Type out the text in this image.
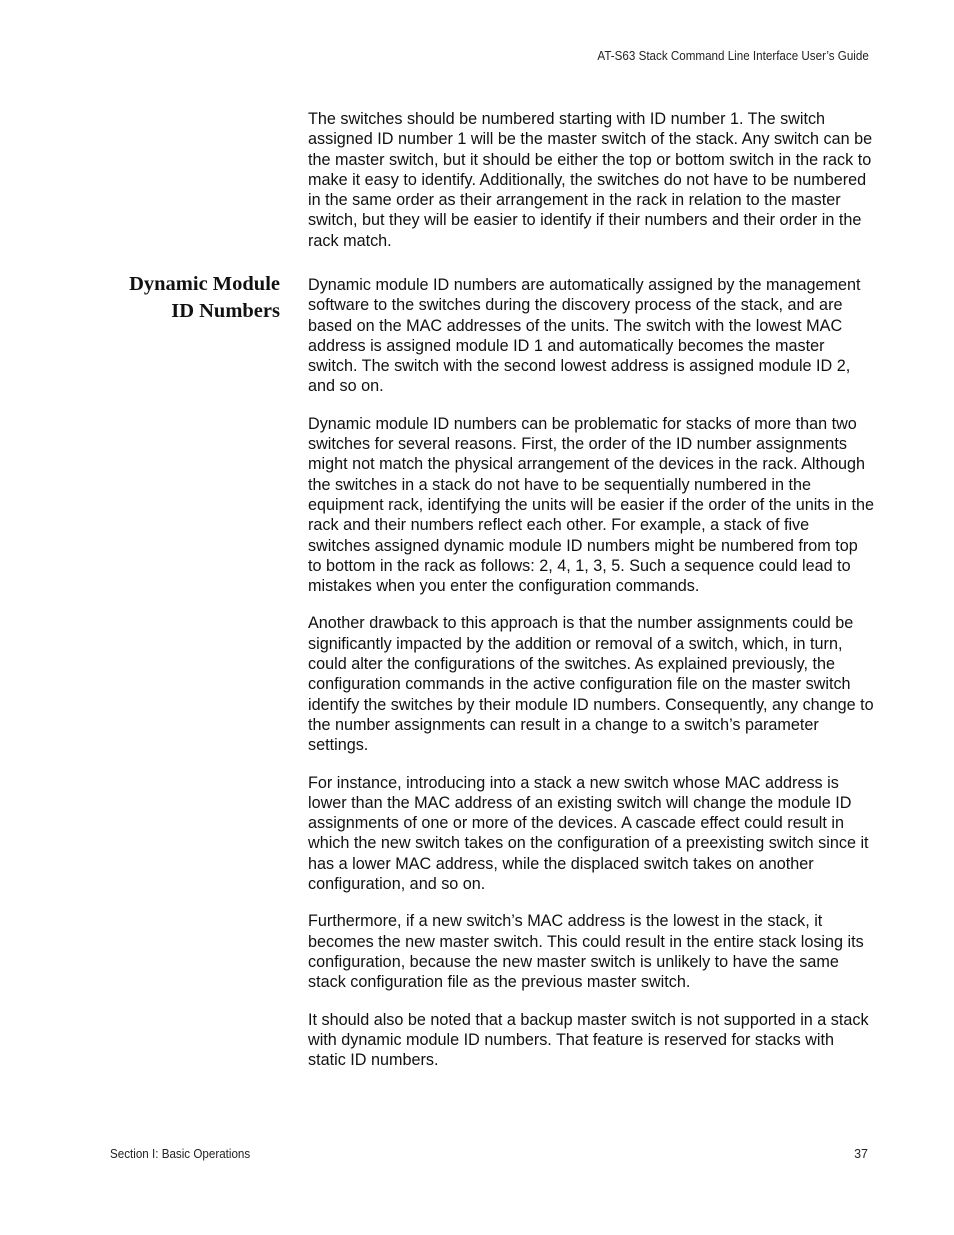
AT-S63 Stack Command Line Interface User’s Guide

The switches should be numbered starting with ID number 1. The switch assigned ID number 1 will be the master switch of the stack. Any switch can be the master switch, but it should be either the top or bottom switch in the rack to make it easy to identify. Additionally, the switches do not have to be numbered in the same order as their arrangement in the rack in relation to the master switch, but they will be easier to identify if their numbers and their order in the rack match.

Dynamic Module
ID Numbers

Dynamic module ID numbers are automatically assigned by the management software to the switches during the discovery process of the stack, and are based on the MAC addresses of the units. The switch with the lowest MAC address is assigned module ID 1 and automatically becomes the master switch. The switch with the second lowest address is assigned module ID 2, and so on.

Dynamic module ID numbers can be problematic for stacks of more than two switches for several reasons. First, the order of the ID number assignments might not match the physical arrangement of the devices in the rack. Although the switches in a stack do not have to be sequentially numbered in the equipment rack, identifying the units will be easier if the order of the units in the rack and their numbers reflect each other. For example, a stack of five switches assigned dynamic module ID numbers might be numbered from top to bottom in the rack as follows: 2, 4, 1, 3, 5. Such a sequence could lead to mistakes when you enter the configuration commands.

Another drawback to this approach is that the number assignments could be significantly impacted by the addition or removal of a switch, which, in turn, could alter the configurations of the switches. As explained previously, the configuration commands in the active configuration file on the master switch identify the switches by their module ID numbers. Consequently, any change to the number assignments can result in a change to a switch’s parameter settings.

For instance, introducing into a stack a new switch whose MAC address is lower than the MAC address of an existing switch will change the module ID assignments of one or more of the devices. A cascade effect could result in which the new switch takes on the configuration of a preexisting switch since it has a lower MAC address, while the displaced switch takes on another configuration, and so on.

Furthermore, if a new switch’s MAC address is the lowest in the stack, it becomes the new master switch. This could result in the entire stack losing its configuration, because the new master switch is unlikely to have the same stack configuration file as the previous master switch.

It should also be noted that a backup master switch is not supported in a stack with dynamic module ID numbers. That feature is reserved for stacks with static ID numbers.

Section I: Basic Operations	37
